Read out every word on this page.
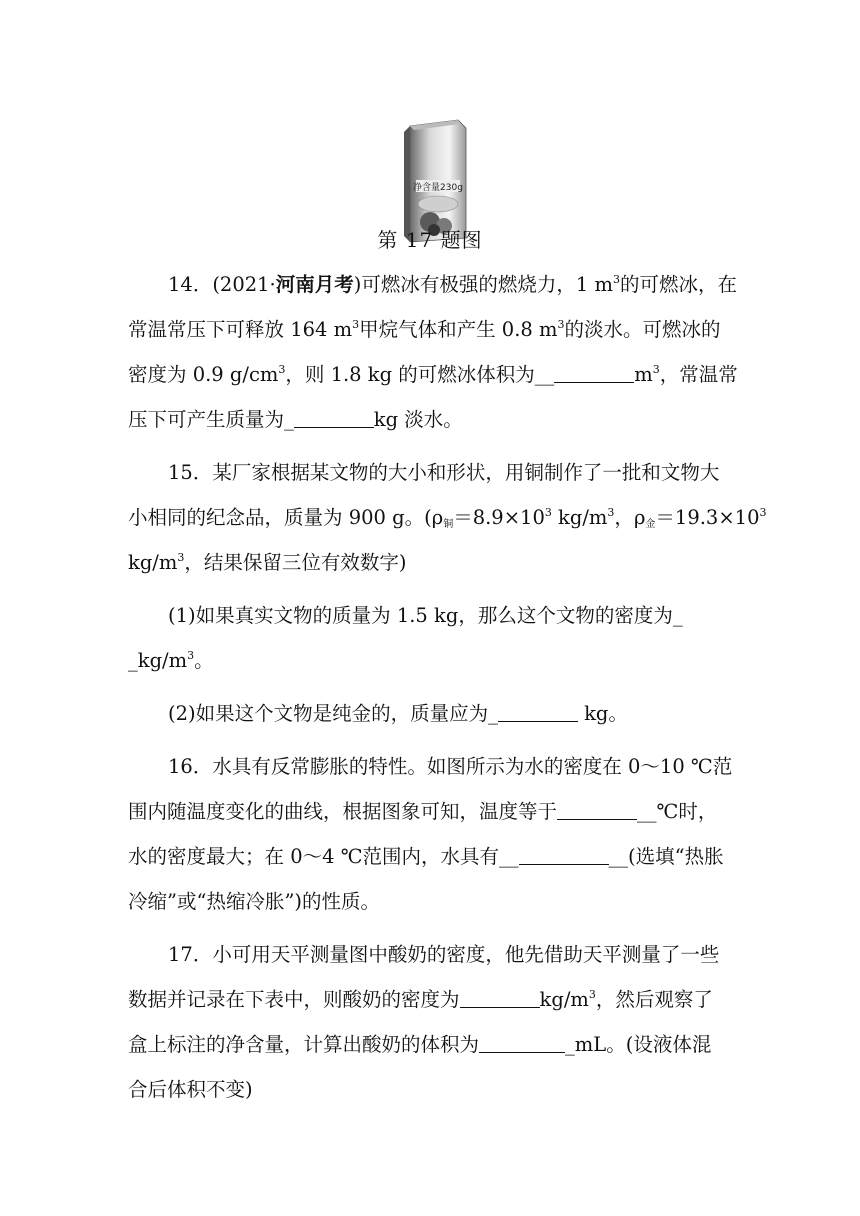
净含量230g
第 17 题图
14．(2021·河南月考)可燃冰有极强的燃烧力，1 $m^3$的可燃冰，在
常温常压下可释放 164 $m^3$甲烷气体和产生 0.8 $m^3$的淡水。可燃冰的
密度为 0.9 $g/cm^3$，则 1.8 kg 的可燃冰体积为__	$m^3$，常温常
压下可产生质量为_	kg 淡水。
15．某厂家根据某文物的大小和形状，用铜制作了一批和文物大
小相同的纪念品，质量为 900 g。($\rho_铜=8.9\times 10^3$ $kg/m^3$，$\rho_金=19.3\times 10^3$
$kg/m^3$，结果保留三位有效数字)
(1)如果真实文物的质量为 1.5 kg，那么这个文物的密度为_
$\_kg/m^3$。
(2)如果这个文物是纯金的，质量应为_	kg。
16．水具有反常膨胀的特性。如图所示为水的密度在 0～10 ℃范
围内随温度变化的曲线，根据图象可知，温度等于	__℃时，
水的密度最大；在 0～4 ℃范围内，水具有__	__(选填“热胀
冷缩”或“热缩冷胀”)的性质。
17．小可用天平测量图中酸奶的密度，他先借助天平测量了一些
数据并记录在下表中，则酸奶的密度为	$kg/m^3$，然后观察了
盒上标注的净含量，计算出酸奶的体积为	_mL。(设液体混
合后体积不变)
